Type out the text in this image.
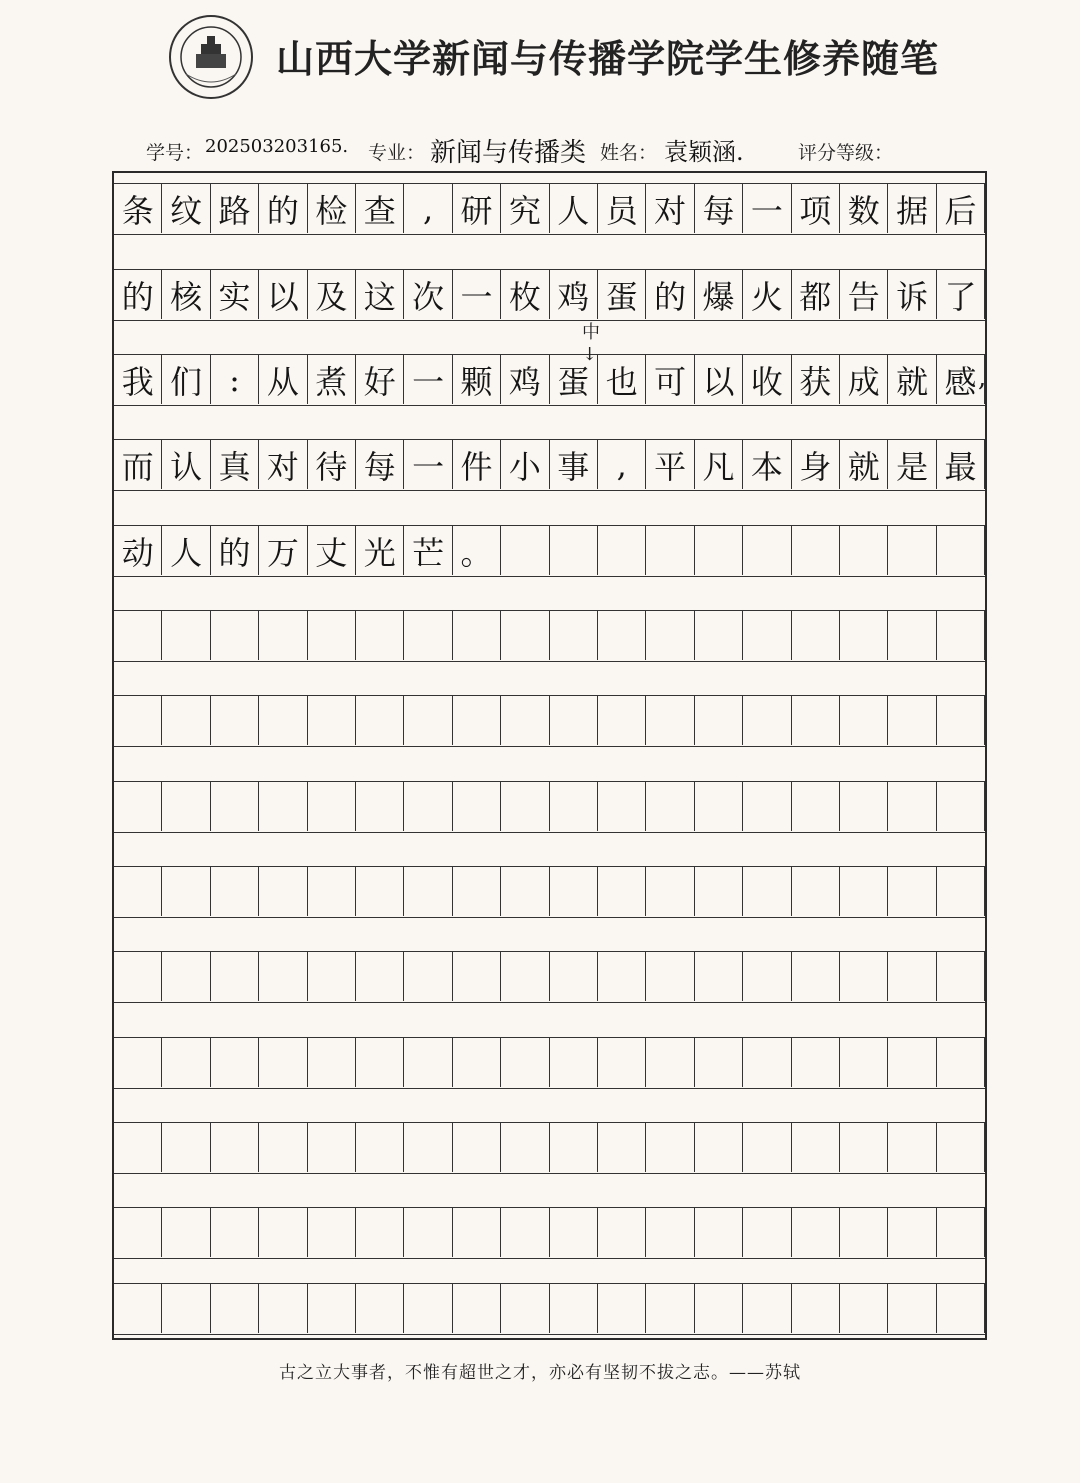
山西大学新闻与传播学院学生修养随笔
学号： 202503203165. 专业： 新闻与传播类 姓名： 袁颖涵.	评分等级：
条 纹 路 的 检 查 , 研 究 人 员 对 每 一 项 数 据 后
的 核 实 以 及 这 次 一 枚 鸡 蛋 的 爆 火 都 告 诉 了
我 们 : 从 煮 好 一 颗 鸡 蛋 也 可 以 收 获 成 就 感 ,
而 认 真 对 待 每 一 件 小 事 , 平 凡 本 身 就 是 最
动 人 的 万 丈 光 芒 。
中
↓
古之立大事者，不惟有超世之才，亦必有坚韧不拔之志。——苏轼
